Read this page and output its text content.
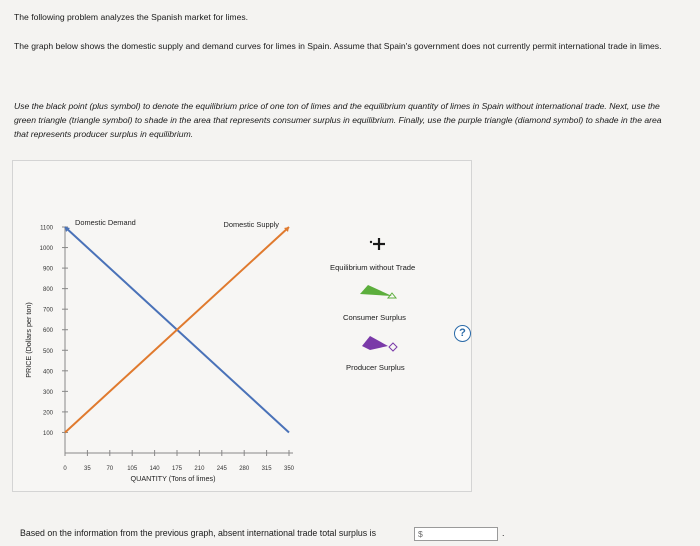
The following problem analyzes the Spanish market for limes.
The graph below shows the domestic supply and demand curves for limes in Spain. Assume that Spain's government does not currently permit international trade in limes.
Use the black point (plus symbol) to denote the equilibrium price of one ton of limes and the equilibrium quantity of limes in Spain without international trade. Next, use the green triangle (triangle symbol) to shade in the area that represents consumer surplus in equilibrium. Finally, use the purple triangle (diamond symbol) to shade in the area that represents producer surplus in equilibrium.
100
200
300
400
500
600
700
800
900
1000
1100
0	35	70 105 140 175 210 245 280 315 350
QUANTITY (Tons of limes)
PRICE (Dollars per ton)
Domestic Demand	Domestic Supply
?
Equilibrium without Trade
Consumer Surplus
Producer Surplus
Based on the information from the previous graph, absent international trade total surplus is	$	.
